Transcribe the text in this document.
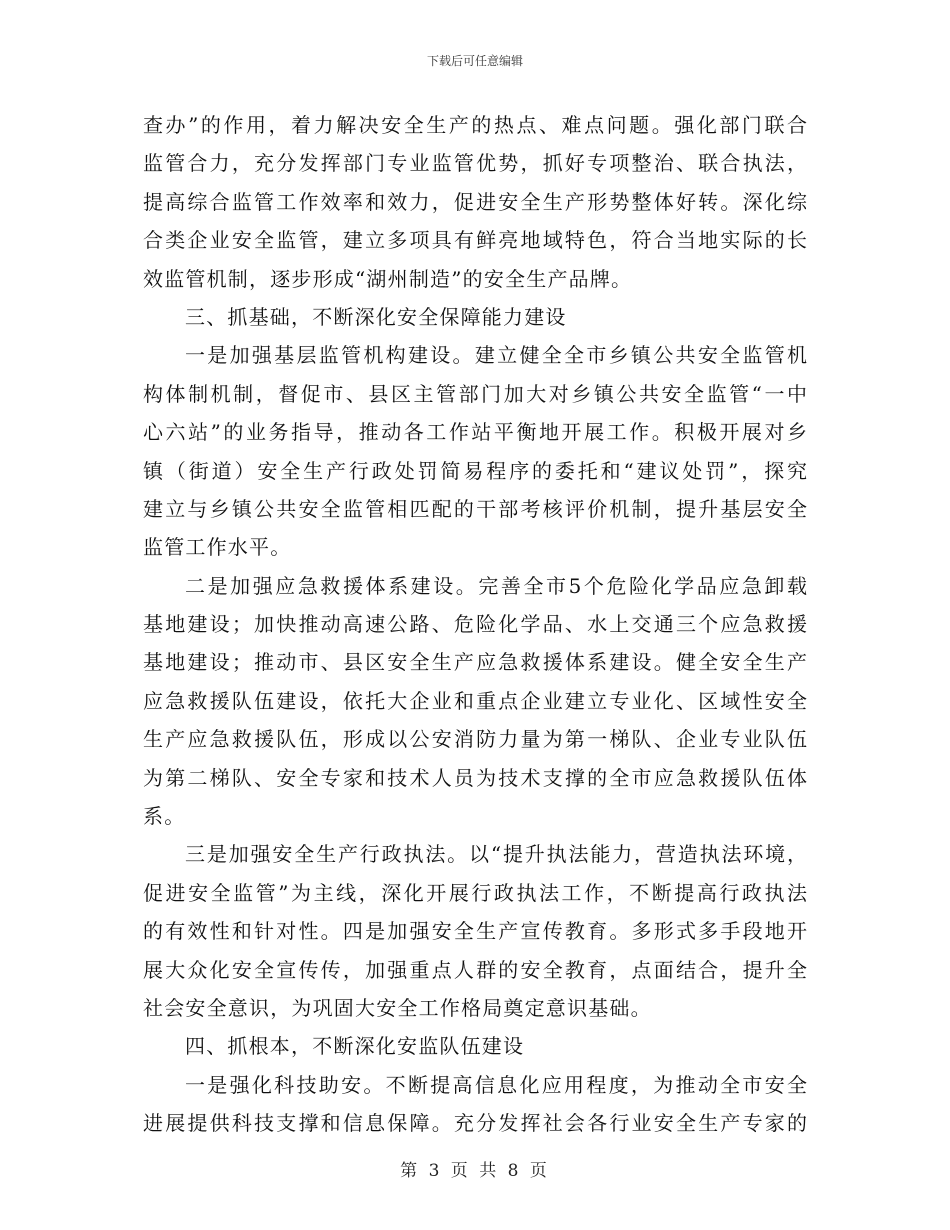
下载后可任意编辑
查办”的作用，着力解决安全生产的热点、难点问题。强化部门联合
监管合力，充分发挥部门专业监管优势，抓好专项整治、联合执法，
提高综合监管工作效率和效力，促进安全生产形势整体好转。深化综
合类企业安全监管，建立多项具有鲜亮地域特色，符合当地实际的长
效监管机制，逐步形成“湖州制造”的安全生产品牌。
三、抓基础，不断深化安全保障能力建设
一是加强基层监管机构建设。建立健全全市乡镇公共安全监管机
构体制机制，督促市、县区主管部门加大对乡镇公共安全监管“一中
心六站”的业务指导，推动各工作站平衡地开展工作。积极开展对乡
镇（街道）安全生产行政处罚简易程序的委托和“建议处罚”，探究
建立与乡镇公共安全监管相匹配的干部考核评价机制，提升基层安全
监管工作水平。
二是加强应急救援体系建设。完善全市5个危险化学品应急卸载
基地建设；加快推动高速公路、危险化学品、水上交通三个应急救援
基地建设；推动市、县区安全生产应急救援体系建设。健全安全生产
应急救援队伍建设，依托大企业和重点企业建立专业化、区域性安全
生产应急救援队伍，形成以公安消防力量为第一梯队、企业专业队伍
为第二梯队、安全专家和技术人员为技术支撑的全市应急救援队伍体
系。
三是加强安全生产行政执法。以“提升执法能力，营造执法环境，
促进安全监管”为主线，深化开展行政执法工作，不断提高行政执法
的有效性和针对性。四是加强安全生产宣传教育。多形式多手段地开
展大众化安全宣传传，加强重点人群的安全教育，点面结合，提升全
社会安全意识，为巩固大安全工作格局奠定意识基础。
四、抓根本，不断深化安监队伍建设
一是强化科技助安。不断提高信息化应用程度，为推动全市安全
进展提供科技支撑和信息保障。充分发挥社会各行业安全生产专家的
第 3 页 共 8 页
